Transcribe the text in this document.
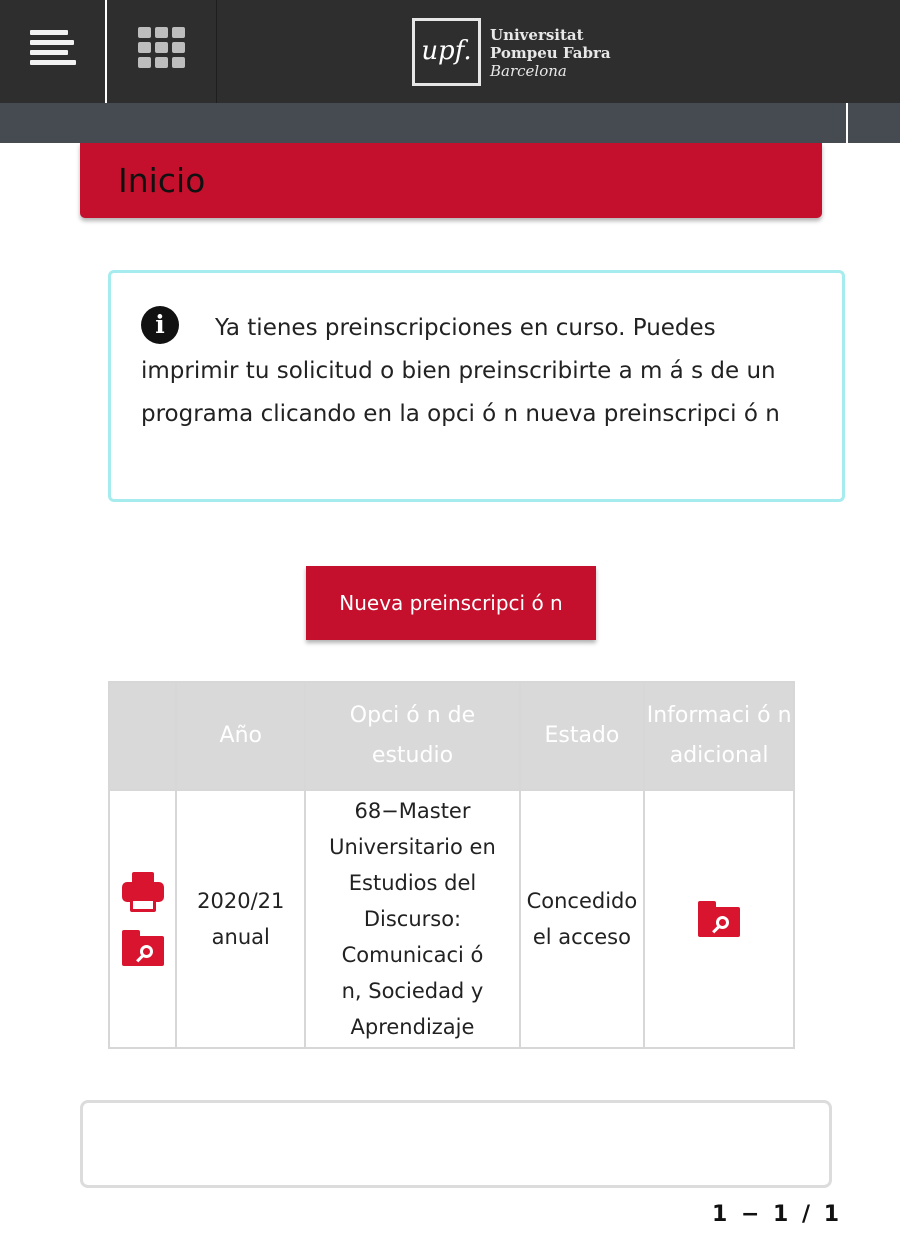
upf.
Universitat
Pompeu Fabra
Barcelona
Inicio
i	Ya tienes preinscripciones en curso. Puedes imprimir tu solicitud o bien preinscribirte a m á s de un programa clicando en la opci ó n nueva preinscripci ó n
Nueva preinscripci ó n
	Año	Opci ó n de estudio	Estado	Informaci ó n adicional

	2020/21 anual	68−Master Universitario en Estudios del Discurso: Comunicaci ó n, Sociedad y Aprendizaje	Concedido el acceso	
1 − 1 / 1
